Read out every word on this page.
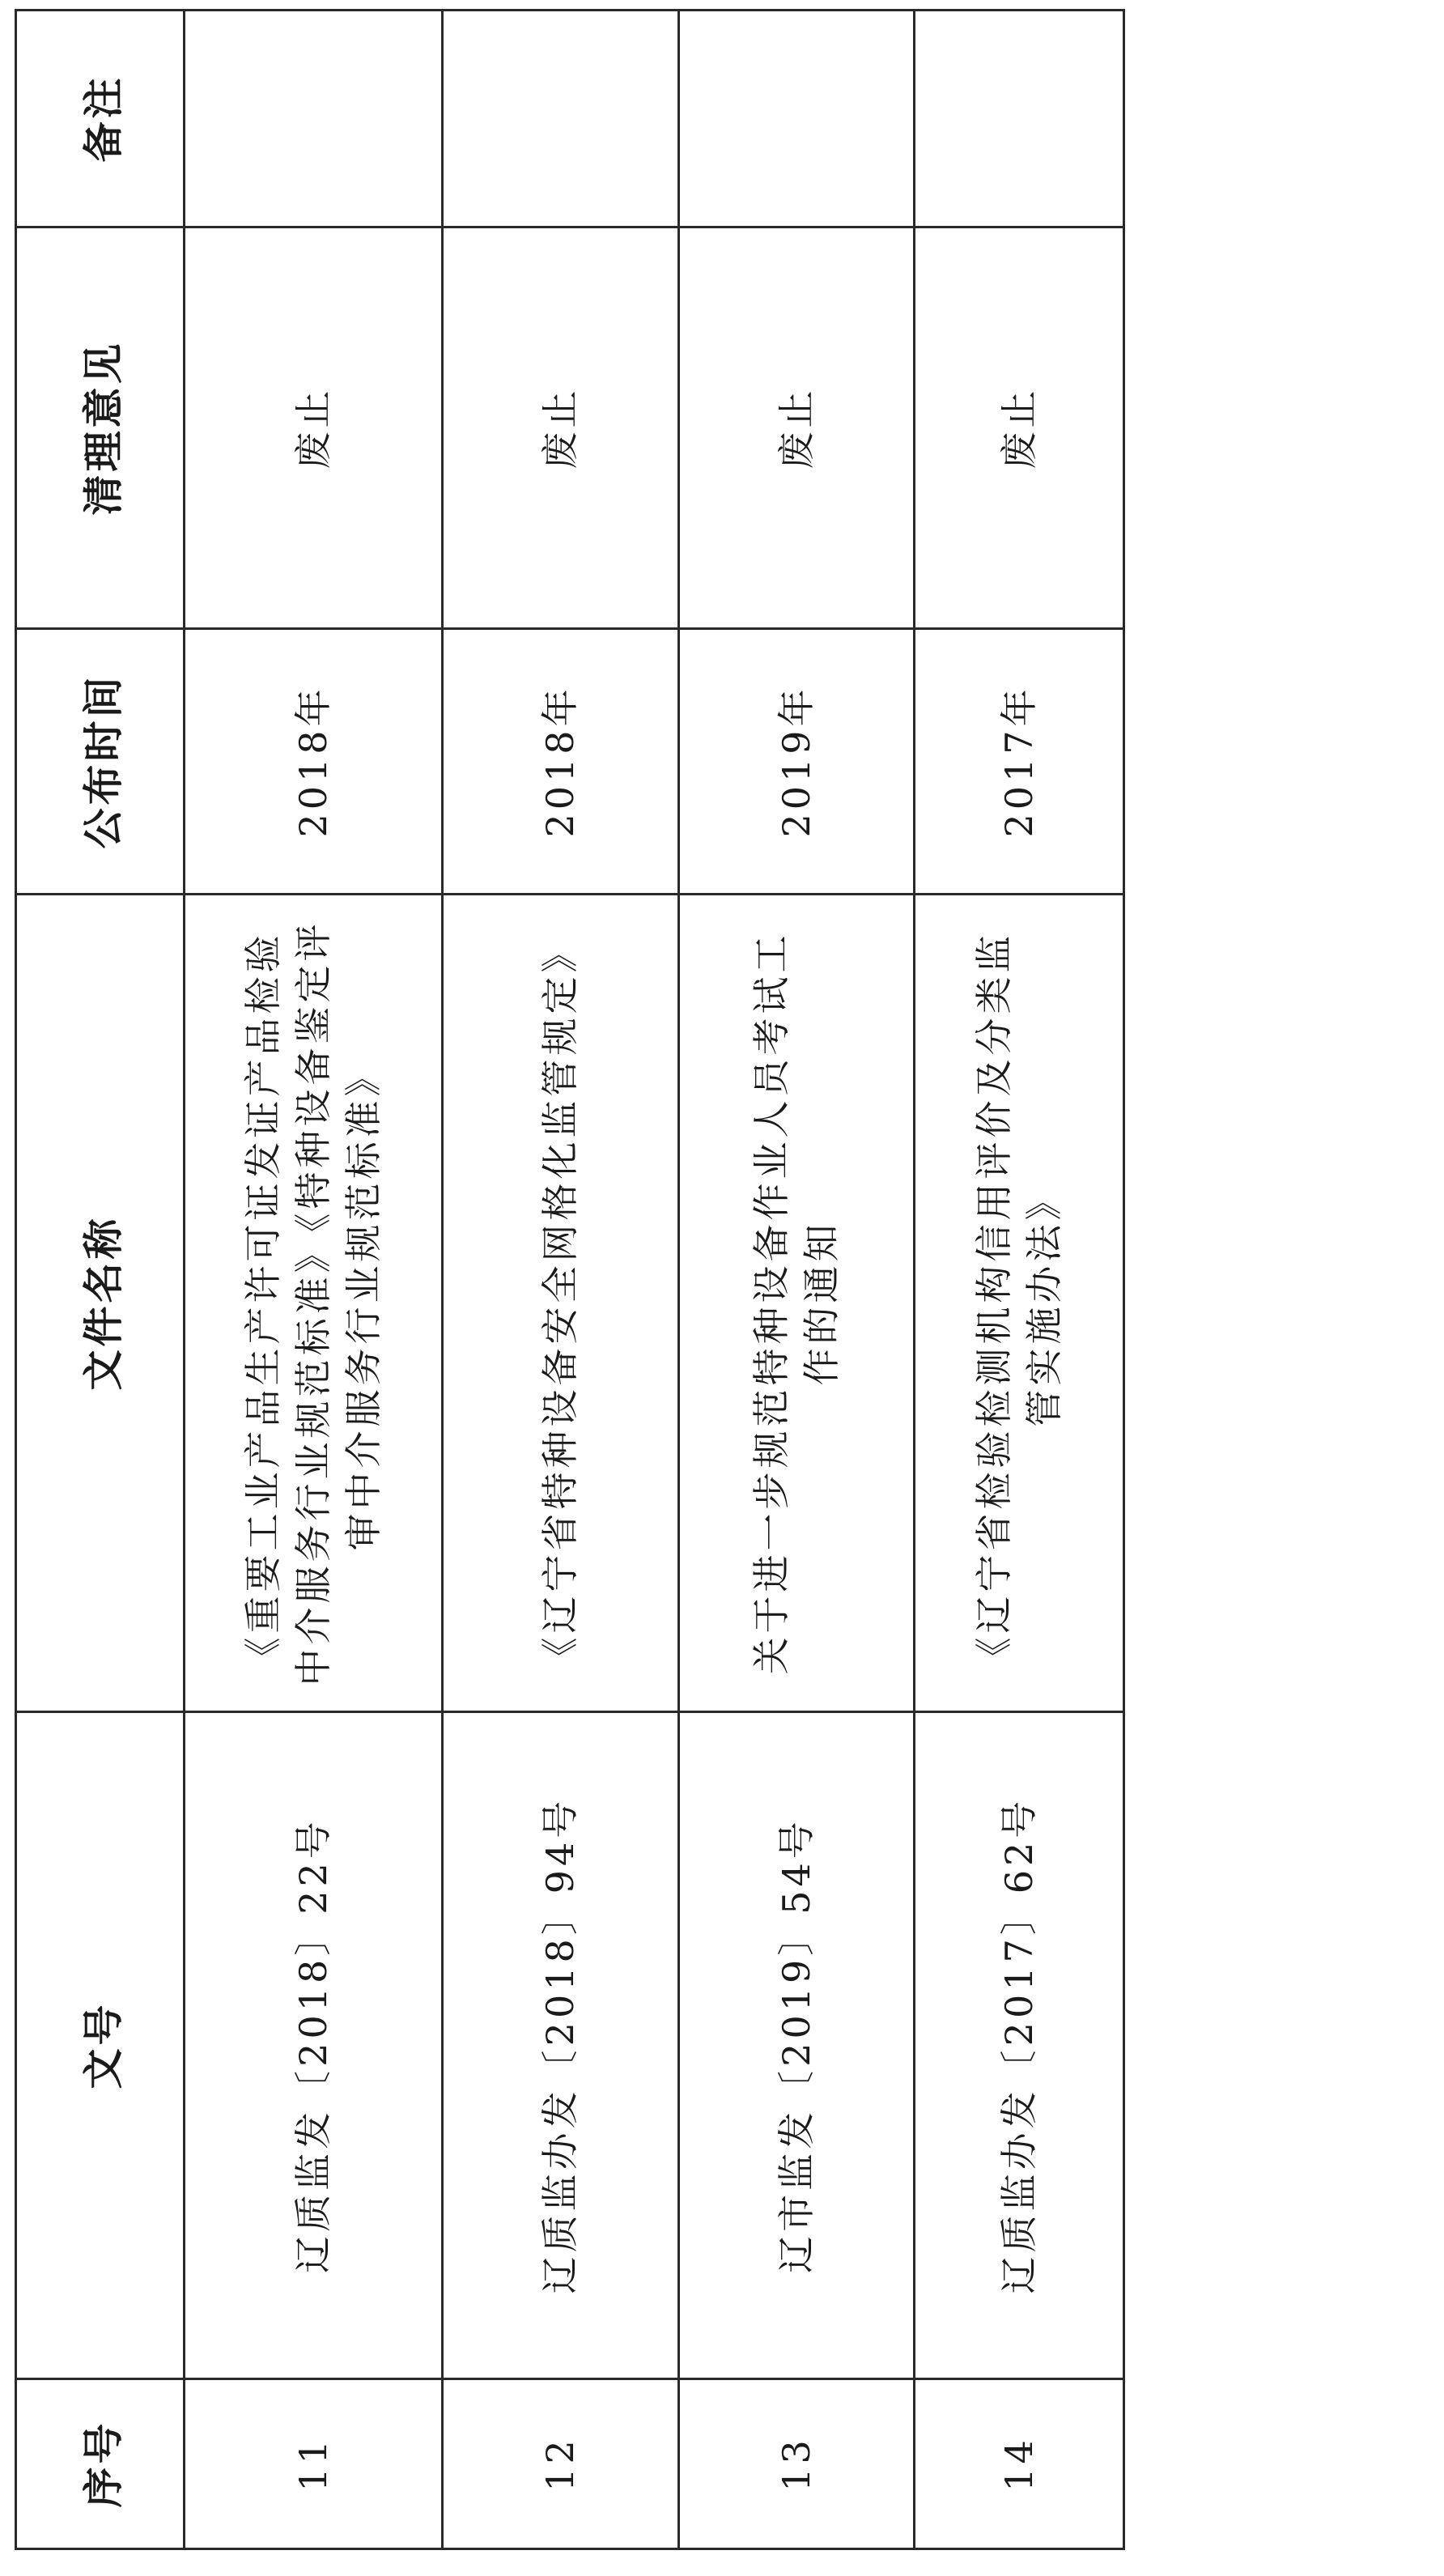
序号	文号	文件名称	公布时间	清理意见	备注
11	辽质监发〔2018〕22号	《重要工业产品生产许可证发证产品检验中介服务行业规范标准》《特种设备鉴定评审中介服务行业规范标准》	2018年	废止	
12	辽质监办发〔2018〕94号	《辽宁省特种设备安全网格化监管规定》	2018年	废止	
13	辽市监发〔2019〕54号	关于进一步规范特种设备作业人员考试工作的通知	2019年	废止	
14	辽质监办发〔2017〕62号	《辽宁省检验检测机构信用评价及分类监管实施办法》	2017年	废止	
